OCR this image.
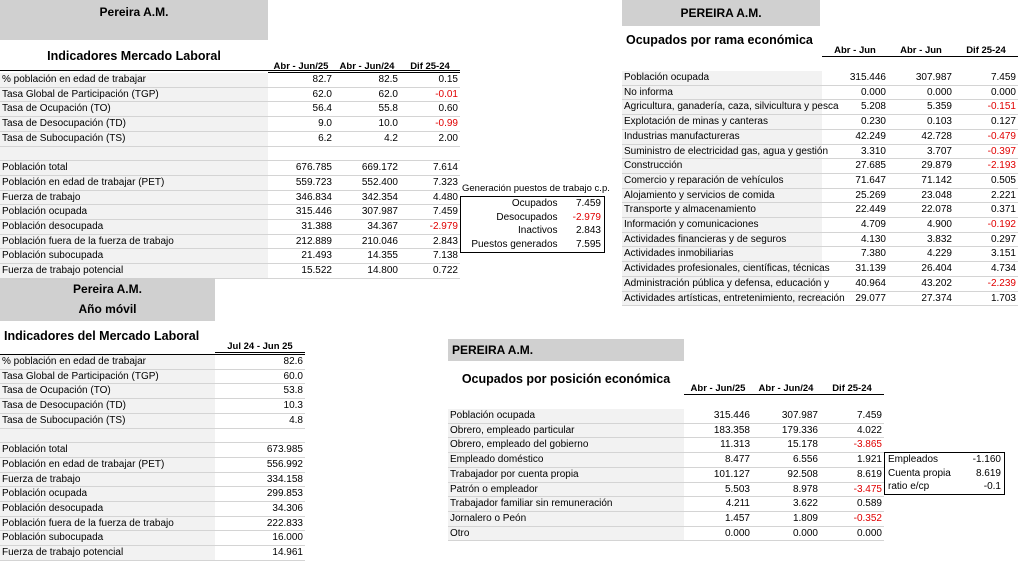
Pereira A.M.
Indicadores Mercado Laboral
Abr - Jun/25	Abr - Jun/24	Dif 25-24
% población en edad de trabajar	82.7	82.5	0.15
Tasa Global de Participación (TGP)	62.0	62.0	-0.01
Tasa de Ocupación (TO)	56.4	55.8	0.60
Tasa de Desocupación (TD)	9.0	10.0	-0.99
Tasa de Subocupación (TS)	6.2	4.2	2.00

Población total	676.785	669.172	7.614
Población en edad de trabajar (PET)	559.723	552.400	7.323
Fuerza de trabajo	346.834	342.354	4.480
Población ocupada	315.446	307.987	7.459
Población desocupada	31.388	34.367	-2.979
Población fuera de la fuerza de trabajo	212.889	210.046	2.843
Población subocupada	21.493	14.355	7.138
Fuerza de trabajo potencial	15.522	14.800	0.722
Generación puestos de trabajo c.p.
Ocupados	7.459
Desocupados	-2.979
Inactivos	2.843
Puestos generados	7.595
PEREIRA A.M.
Ocupados por rama económica
Abr - Jun	Abr - Jun	Dif 25-24
Población ocupada	315.446	307.987	7.459
No informa	0.000	0.000	0.000
Agricultura, ganadería, caza, silvicultura y pesca	5.208	5.359	-0.151
Explotación de minas y canteras	0.230	0.103	0.127
Industrias manufactureras	42.249	42.728	-0.479
Suministro de electricidad gas, agua y gestión	3.310	3.707	-0.397
Construcción	27.685	29.879	-2.193
Comercio y reparación de vehículos	71.647	71.142	0.505
Alojamiento y servicios de comida	25.269	23.048	2.221
Transporte y almacenamiento	22.449	22.078	0.371
Información y comunicaciones	4.709	4.900	-0.192
Actividades financieras y de seguros	4.130	3.832	0.297
Actividades inmobiliarias	7.380	4.229	3.151
Actividades profesionales, científicas, técnicas	31.139	26.404	4.734
Administración pública y defensa, educación y	40.964	43.202	-2.239
Actividades artísticas, entretenimiento, recreación	29.077	27.374	1.703
Pereira A.M.
Año móvil
Indicadores del Mercado Laboral
Jul 24 - Jun 25
% población en edad de trabajar	82.6
Tasa Global de Participación (TGP)	60.0
Tasa de Ocupación (TO)	53.8
Tasa de Desocupación (TD)	10.3
Tasa de Subocupación (TS)	4.8

Población total	673.985
Población en edad de trabajar (PET)	556.992
Fuerza de trabajo	334.158
Población ocupada	299.853
Población desocupada	34.306
Población fuera de la fuerza de trabajo	222.833
Población subocupada	16.000
Fuerza de trabajo potencial	14.961
PEREIRA A.M.
Ocupados por posición económica
Abr - Jun/25	Abr - Jun/24	Dif 25-24
Población ocupada	315.446	307.987	7.459
Obrero, empleado particular	183.358	179.336	4.022
Obrero, empleado del gobierno	11.313	15.178	-3.865
Empleado doméstico	8.477	6.556	1.921
Trabajador por cuenta propia	101.127	92.508	8.619
Patrón o empleador	5.503	8.978	-3.475
Trabajador familiar sin remuneración	4.211	3.622	0.589
Jornalero o Peón	1.457	1.809	-0.352
Otro	0.000	0.000	0.000
Empleados	-1.160
Cuenta propia	8.619
ratio e/cp	-0.1
